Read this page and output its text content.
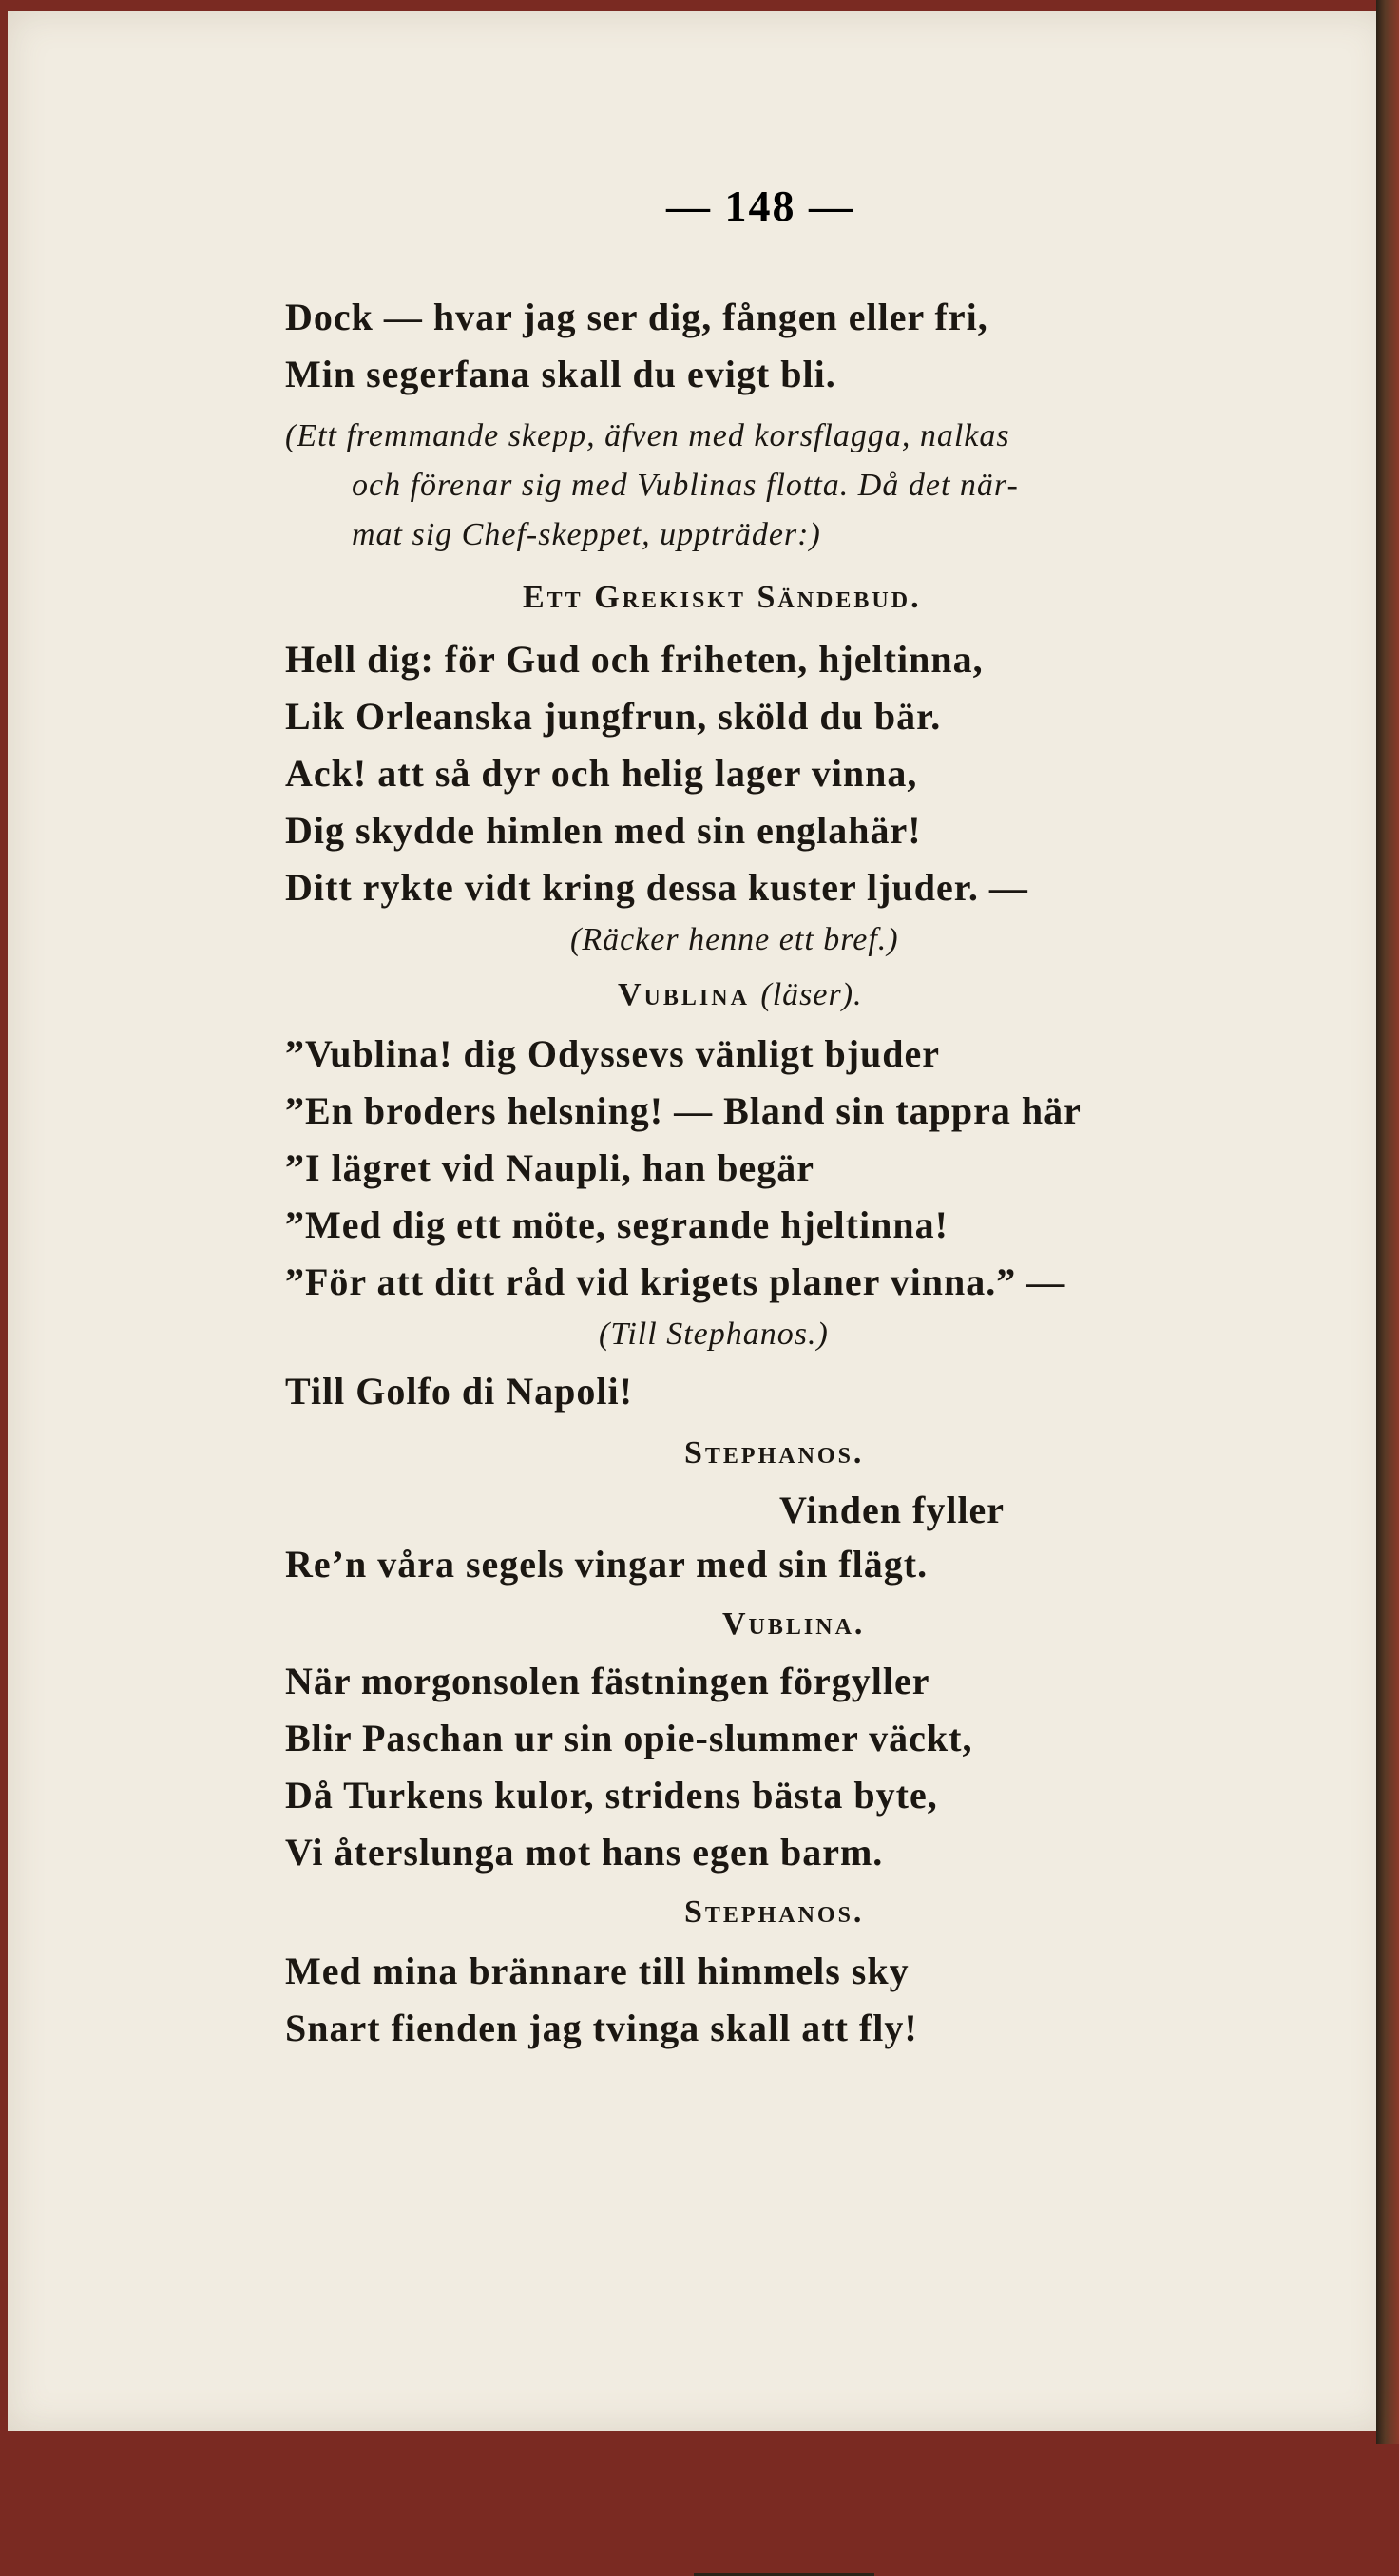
— 148 —
Dock — hvar jag ser dig, fången eller fri,
Min segerfana skall du evigt bli.
(Ett fremmande skepp, äfven med korsflagga, nalkas
och förenar sig med Vublinas flotta. Då det när-
mat sig Chef-skeppet, uppträder:)
Ett Grekiskt Sändebud.
Hell dig: för Gud och friheten, hjeltinna,
Lik Orleanska jungfrun, sköld du bär.
Ack! att så dyr och helig lager vinna,
Dig skydde himlen med sin englahär!
Ditt rykte vidt kring dessa kuster ljuder. —
(Räcker henne ett bref.)
Vublina (läser).
”Vublina! dig Odyssevs vänligt bjuder
”En broders helsning! — Bland sin tappra här
”I lägret vid Naupli, han begär
”Med dig ett möte, segrande hjeltinna!
”För att ditt råd vid krigets planer vinna.” —
(Till Stephanos.)
Till Golfo di Napoli!
Stephanos.
Vinden fyller
Re’n våra segels vingar med sin flägt.
Vublina.
När morgonsolen fästningen förgyller
Blir Paschan ur sin opie-slummer väckt,
Då Turkens kulor, stridens bästa byte,
Vi återslunga mot hans egen barm.
Stephanos.
Med mina brännare till himmels sky
Snart fienden jag tvinga skall att fly!
